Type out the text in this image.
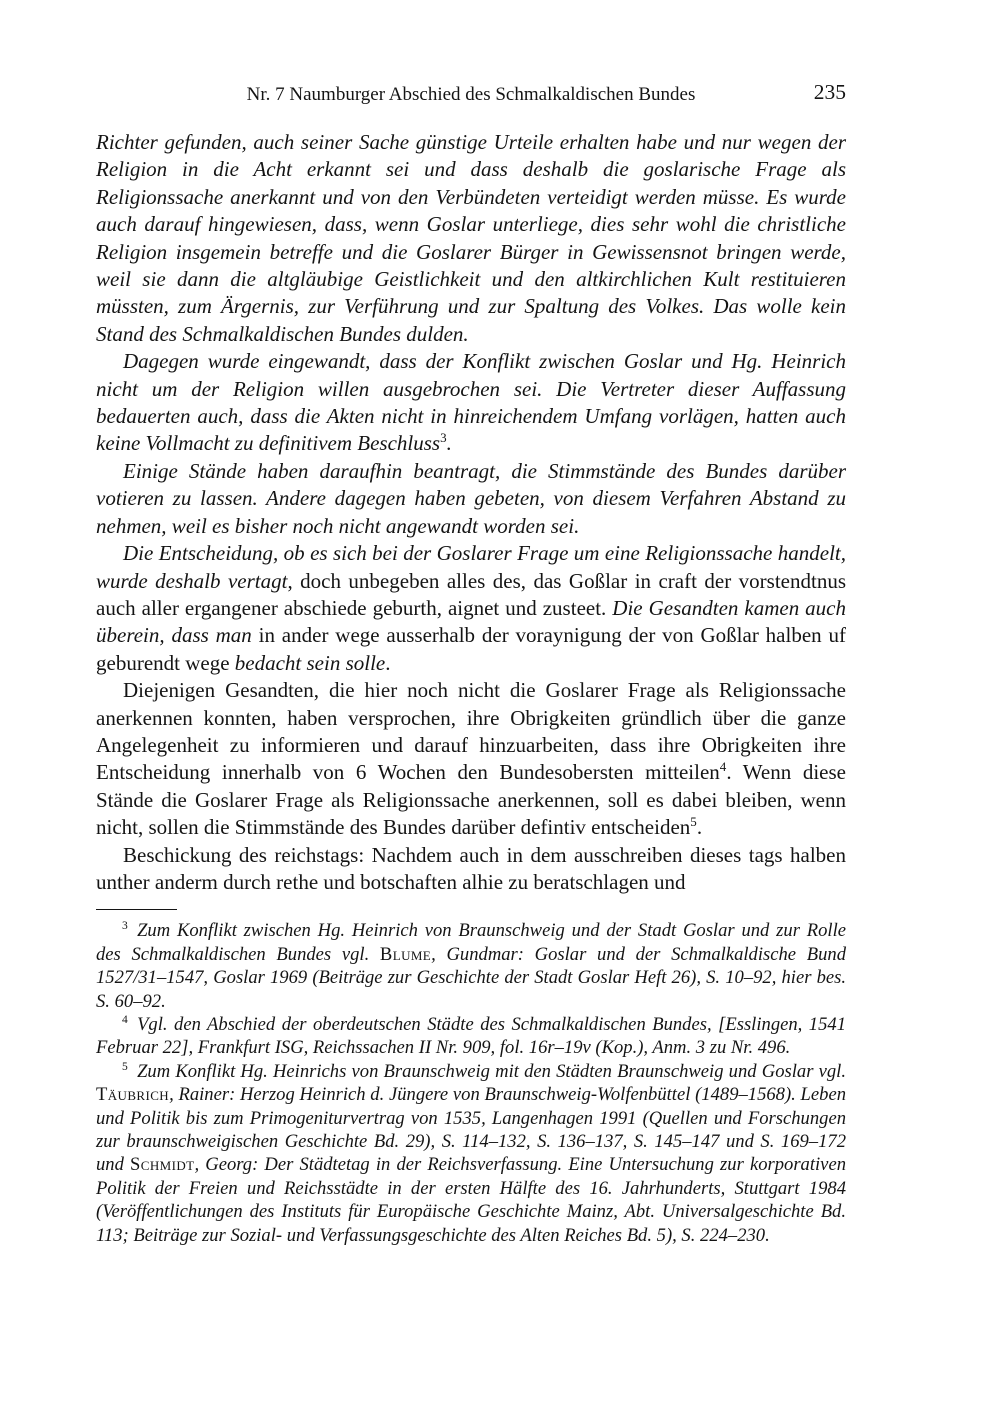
Nr. 7 Naumburger Abschied des Schmalkaldischen Bundes	235

Richter gefunden, auch seiner Sache günstige Urteile erhalten habe und nur wegen der Religion in die Acht erkannt sei und dass deshalb die goslarische Frage als Religionssache anerkannt und von den Verbündeten verteidigt werden müsse. Es wurde auch darauf hingewiesen, dass, wenn Goslar unterliege, dies sehr wohl die christliche Religion insgemein betreffe und die Goslarer Bürger in Gewissensnot bringen werde, weil sie dann die altgläubige Geistlichkeit und den altkirchlichen Kult restituieren müssten, zum Ärgernis, zur Verführung und zur Spaltung des Volkes. Das wolle kein Stand des Schmalkaldischen Bundes dulden.

Dagegen wurde eingewandt, dass der Konflikt zwischen Goslar und Hg. Heinrich nicht um der Religion willen ausgebrochen sei. Die Vertreter dieser Auffassung bedauerten auch, dass die Akten nicht in hinreichendem Umfang vorlägen, hatten auch keine Vollmacht zu definitivem Beschluss$^3$.

Einige Stände haben daraufhin beantragt, die Stimmstände des Bundes darüber votieren zu lassen. Andere dagegen haben gebeten, von diesem Verfahren Abstand zu nehmen, weil es bisher noch nicht angewandt worden sei.

Die Entscheidung, ob es sich bei der Goslarer Frage um eine Religionssache handelt, wurde deshalb vertagt, doch unbegeben alles des, das Goßlar in craft der vorstendtnus auch aller ergangener abschiede geburth, aignet und zusteet. Die Gesandten kamen auch überein, dass man in ander wege ausserhalb der voraynigung der von Goßlar halben uf geburendt wege bedacht sein solle.

Diejenigen Gesandten, die hier noch nicht die Goslarer Frage als Religionssache anerkennen konnten, haben versprochen, ihre Obrigkeiten gründlich über die ganze Angelegenheit zu informieren und darauf hinzuarbeiten, dass ihre Obrigkeiten ihre Entscheidung innerhalb von 6 Wochen den Bundesobersten mitteilen$^4$. Wenn diese Stände die Goslarer Frage als Religionssache anerkennen, soll es dabei bleiben, wenn nicht, sollen die Stimmstände des Bundes darüber defintiv entscheiden$^5$.

Beschickung des reichstags: Nachdem auch in dem ausschreiben dieses tags halben unther anderm durch rethe und botschaften alhie zu beratschlagen und

$^3$  Zum Konflikt zwischen Hg. Heinrich von Braunschweig und der Stadt Goslar und zur Rolle des Schmalkaldischen Bundes vgl. Blume, Gundmar: Goslar und der Schmalkaldische Bund 1527/31–1547, Goslar 1969 (Beiträge zur Geschichte der Stadt Goslar Heft 26), S. 10–92, hier bes. S. 60–92.

$^4$  Vgl. den Abschied der oberdeutschen Städte des Schmalkaldischen Bundes, [Esslingen, 1541 Februar 22], Frankfurt ISG, Reichssachen II Nr. 909, fol. 16r–19v (Kop.), Anm. 3 zu Nr. 496.

$^5$  Zum Konflikt Hg. Heinrichs von Braunschweig mit den Städten Braunschweig und Goslar vgl. Täubrich, Rainer: Herzog Heinrich d. Jüngere von Braunschweig-Wolfenbüttel (1489–1568). Leben und Politik bis zum Primogeniturvertrag von 1535, Langenhagen 1991 (Quellen und Forschungen zur braunschweigischen Geschichte Bd. 29), S. 114–132, S. 136–137, S. 145–147 und S. 169–172 und Schmidt, Georg: Der Städtetag in der Reichsverfassung. Eine Untersuchung zur korporativen Politik der Freien und Reichsstädte in der ersten Hälfte des 16. Jahrhunderts, Stuttgart 1984 (Veröffentlichungen des Instituts für Europäische Geschichte Mainz, Abt. Universalgeschichte Bd. 113; Beiträge zur Sozial- und Verfassungsgeschichte des Alten Reiches Bd. 5), S. 224–230.
